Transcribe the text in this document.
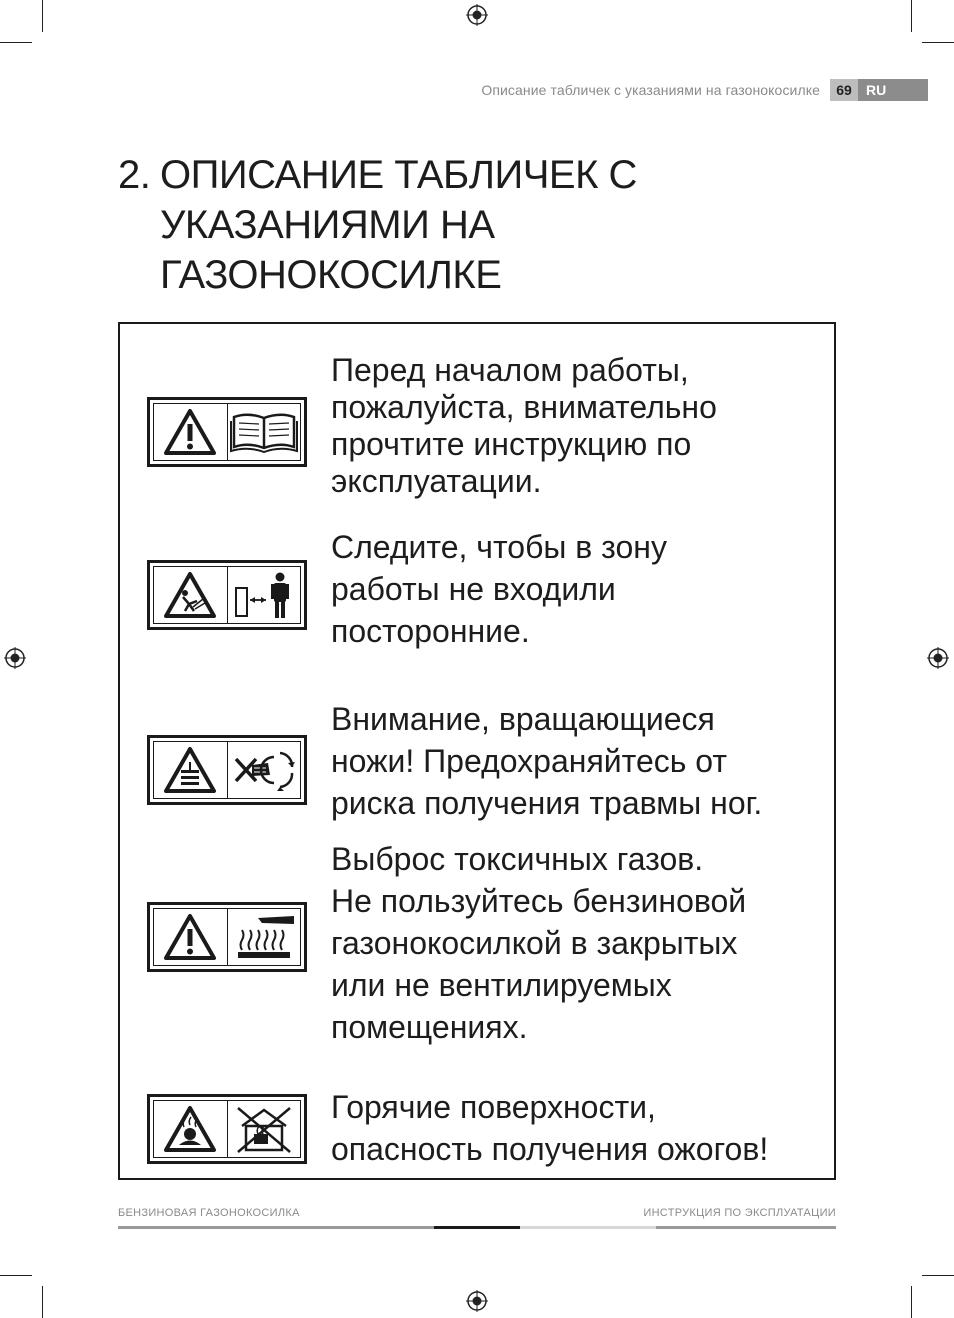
Описание табличек с указаниями на газонокосилке	69	RU
2. ОПИСАНИЕ ТАБЛИЧЕК С
УКАЗАНИЯМИ НА
ГАЗОНОКОСИЛКЕ

Перед началом работы,
пожалуйста, внимательно
прочтите инструкцию по
эксплуатации.

Следите, чтобы в зону
работы не входили
посторонние.

Внимание, вращающиеся
ножи! Предохраняйтесь от
риска получения травмы ног.

Выброс токсичных газов.
Не пользуйтесь бензиновой
газонокосилкой в закрытых
или не вентилируемых
помещениях.

Горячие поверхности,
опасность получения ожогов!

БЕНЗИНОВАЯ ГАЗОНОКОСИЛКА	ИНСТРУКЦИЯ ПО ЭКСПЛУАТАЦИИ
